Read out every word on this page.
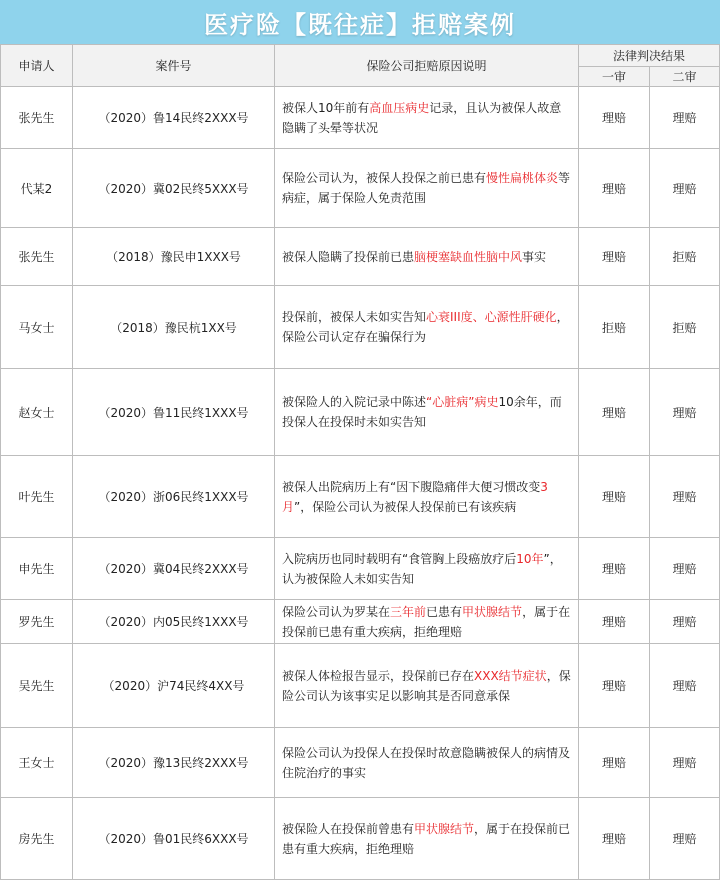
医疗险【既往症】拒赔案例
申请人	案件号	保险公司拒赔原因说明	法律判决结果	
			一审	二审
张先生	（2020）鲁14民终2XXX号	被保人10年前有高血压病史记录，且认为被保人故意隐瞒了头晕等状况	理赔	理赔
代某2	（2020）冀02民终5XXX号	保险公司认为，被保人投保之前已患有慢性扁桃体炎等病症，属于保险人免责范围	理赔	理赔
张先生	（2018）豫民申1XXX号	被保人隐瞒了投保前已患脑梗塞缺血性脑中风事实	理赔	拒赔
马女士	（2018）豫民杭1XX号	投保前，被保人未如实告知心衰III度、心源性肝硬化，保险公司认定存在骗保行为	拒赔	拒赔
赵女士	（2020）鲁11民终1XXX号	被保险人的入院记录中陈述“心脏病”病史10余年，而投保人在投保时未如实告知	理赔	理赔
叶先生	（2020）浙06民终1XXX号	被保人出院病历上有“因下腹隐痛伴大便习惯改变3月”，保险公司认为被保人投保前已有该疾病	理赔	理赔
申先生	（2020）冀04民终2XXX号	入院病历也同时载明有“食管胸上段癌放疗后10年”，认为被保险人未如实告知	理赔	理赔
罗先生	（2020）内05民终1XXX号	保险公司认为罗某在三年前已患有甲状腺结节，属于在投保前已患有重大疾病，拒绝理赔	理赔	理赔
吴先生	（2020）沪74民终4XX号	被保人体检报告显示，投保前已存在XXX结节症状，保险公司认为该事实足以影响其是否同意承保	理赔	理赔
王女士	（2020）豫13民终2XXX号	保险公司认为投保人在投保时故意隐瞒被保人的病情及住院治疗的事实	理赔	理赔
房先生	（2020）鲁01民终6XXX号	被保险人在投保前曾患有甲状腺结节，属于在投保前已患有重大疾病，拒绝理赔	理赔	理赔
